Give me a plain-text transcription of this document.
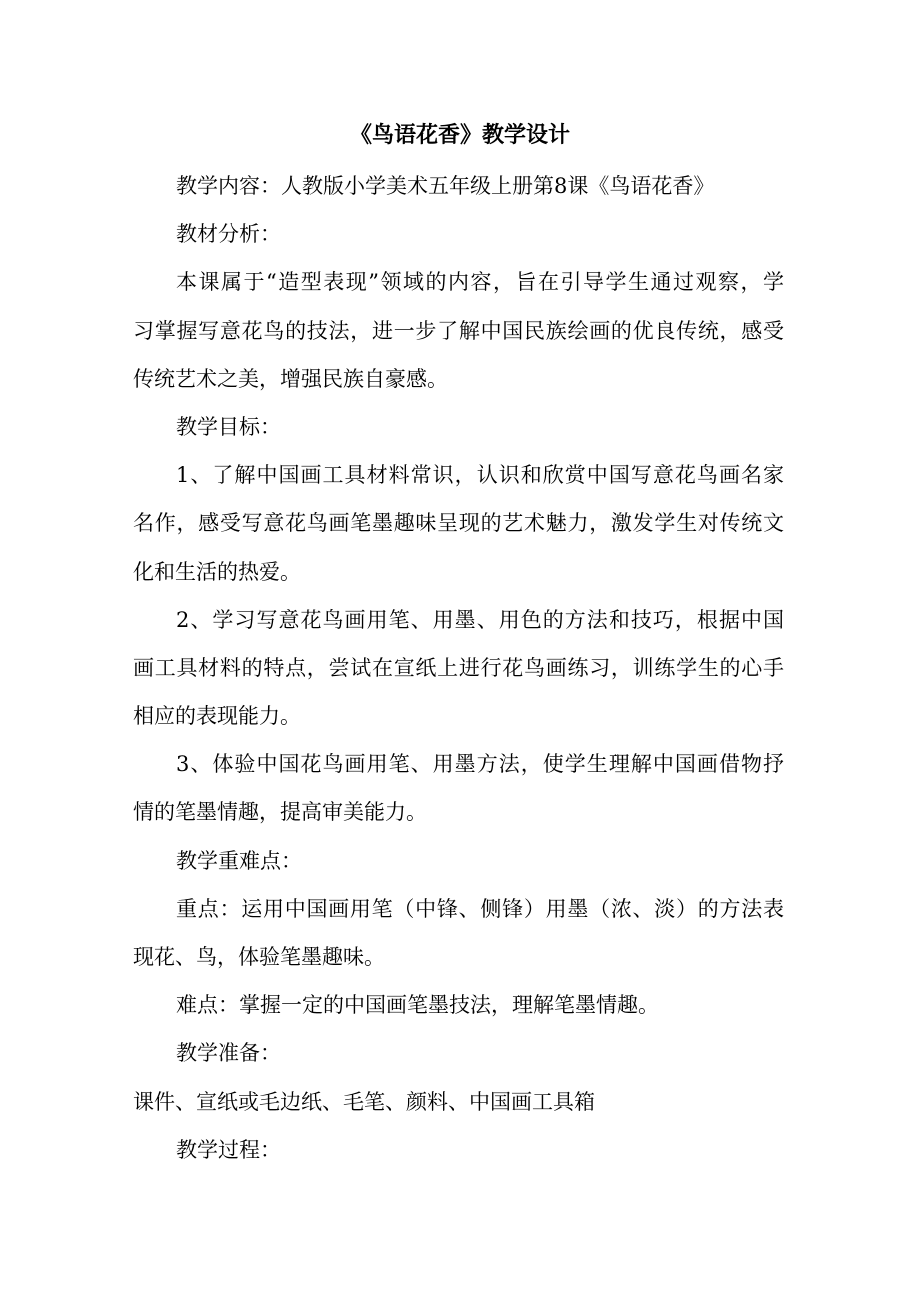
《鸟语花香》教学设计
教学内容：人教版小学美术五年级上册第8课《鸟语花香》
教材分析：
本课属于“造型表现”领域的内容，旨在引导学生通过观察，学
习掌握写意花鸟的技法，进一步了解中国民族绘画的优良传统，感受
传统艺术之美，增强民族自豪感。
教学目标：
1、了解中国画工具材料常识，认识和欣赏中国写意花鸟画名家
名作，感受写意花鸟画笔墨趣味呈现的艺术魅力，激发学生对传统文
化和生活的热爱。
2、学习写意花鸟画用笔、用墨、用色的方法和技巧，根据中国
画工具材料的特点，尝试在宣纸上进行花鸟画练习，训练学生的心手
相应的表现能力。
3、体验中国花鸟画用笔、用墨方法，使学生理解中国画借物抒
情的笔墨情趣，提高审美能力。
教学重难点：
重点：运用中国画用笔（中锋、侧锋）用墨（浓、淡）的方法表
现花、鸟，体验笔墨趣味。
难点：掌握一定的中国画笔墨技法，理解笔墨情趣。
教学准备：
课件、宣纸或毛边纸、毛笔、颜料、中国画工具箱
教学过程：
